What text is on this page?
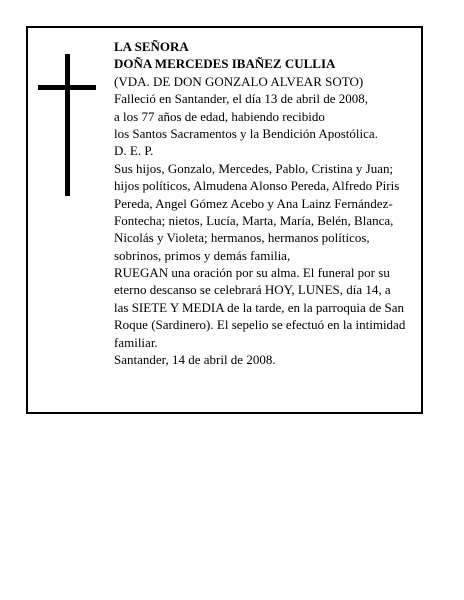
LA SEÑORA
DOÑA MERCEDES IBAÑEZ CULLIA
(VDA. DE DON GONZALO ALVEAR SOTO)
Falleció en Santander, el día 13 de abril de 2008,
a los 77 años de edad, habiendo recibido
los Santos Sacramentos y la Bendición Apostólica.
D. E. P.
Sus hijos, Gonzalo, Mercedes, Pablo, Cristina y Juan;
hijos políticos, Almudena Alonso Pereda, Alfredo Piris
Pereda, Angel Gómez Acebo y Ana Lainz Fernández-
Fontecha; nietos, Lucía, Marta, María, Belén, Blanca,
Nicolás y Violeta; hermanos, hermanos políticos,
sobrinos, primos y demás familia,
RUEGAN una oración por su alma. El funeral por su
eterno descanso se celebrará HOY, LUNES, día 14, a
las SIETE Y MEDIA de la tarde, en la parroquia de San
Roque (Sardinero). El sepelio se efectuó en la intimidad
familiar.
Santander, 14 de abril de 2008.
